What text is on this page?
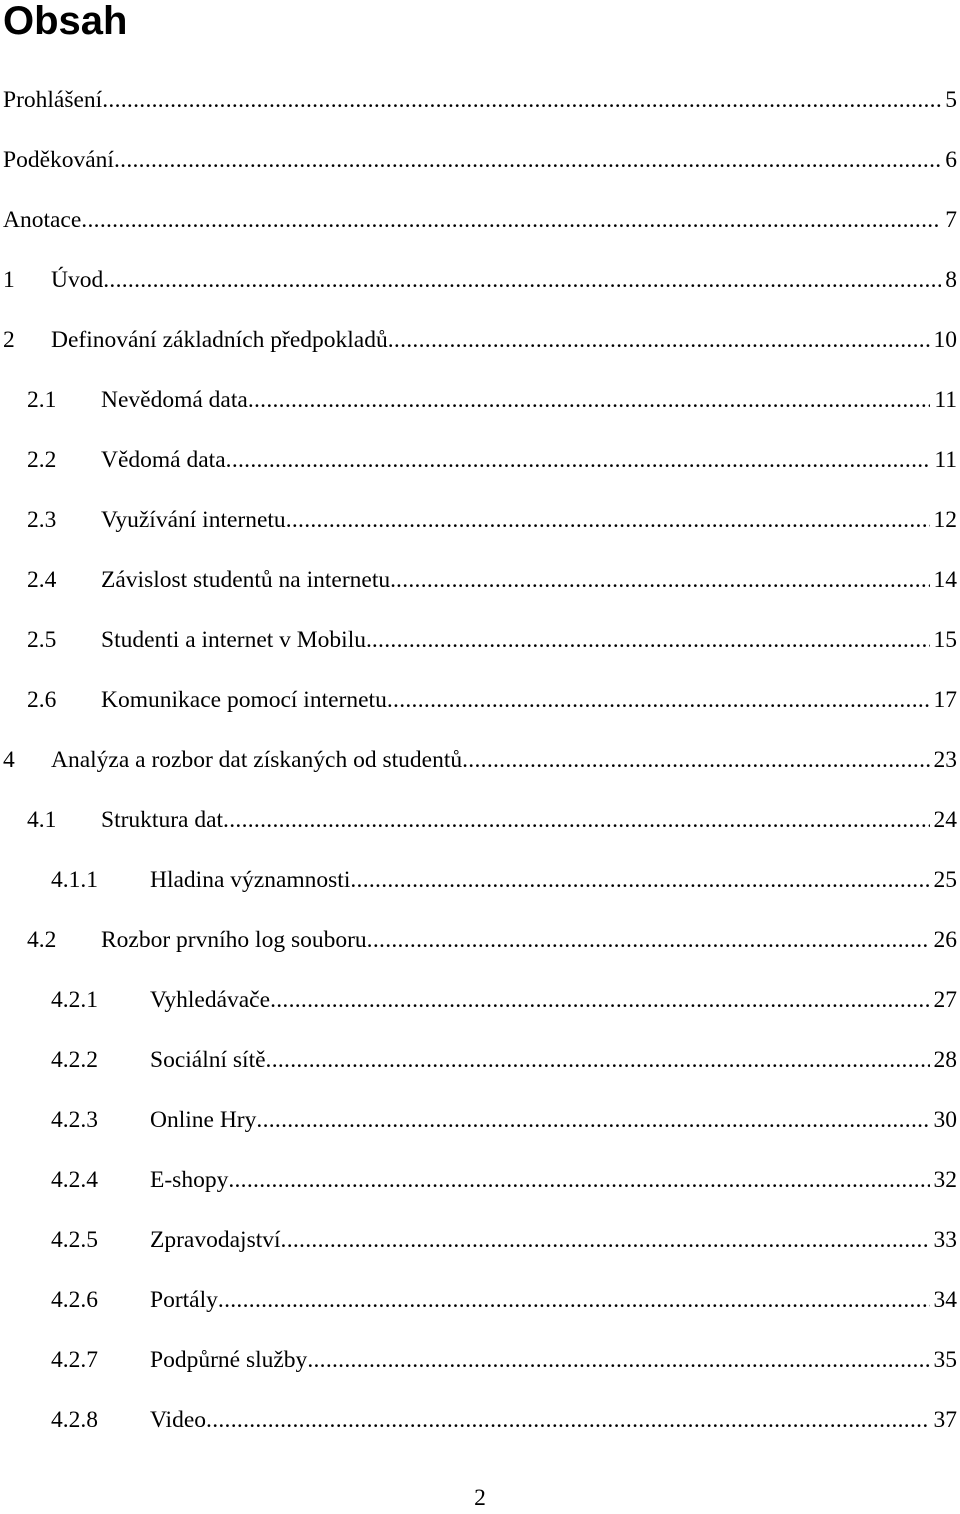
Obsah
Prohlášení .....	5
Poděkování .....	6
Anotace .....	7
1	Úvod .....	8
2	Definování základních předpokladů .....	10
2.1	Nevědomá data .....	11
2.2	Vědomá data .....	11
2.3	Využívání internetu .....	12
2.4	Závislost studentů na internetu. .....	14
2.5	Studenti a internet v Mobilu. .....	15
2.6	Komunikace pomocí internetu .....	17
4	Analýza a rozbor dat získaných od studentů .....	23
4.1	Struktura dat .....	24
4.1.1	Hladina významnosti .....	25
4.2	Rozbor prvního log souboru .....	26
4.2.1	Vyhledávače .....	27
4.2.2	Sociální sítě .....	28
4.2.3	Online Hry .....	30
4.2.4	E-shopy .....	32
4.2.5	Zpravodajství .....	33
4.2.6	Portály .....	34
4.2.7	Podpůrné služby .....	35
4.2.8	Video .....	37
2
